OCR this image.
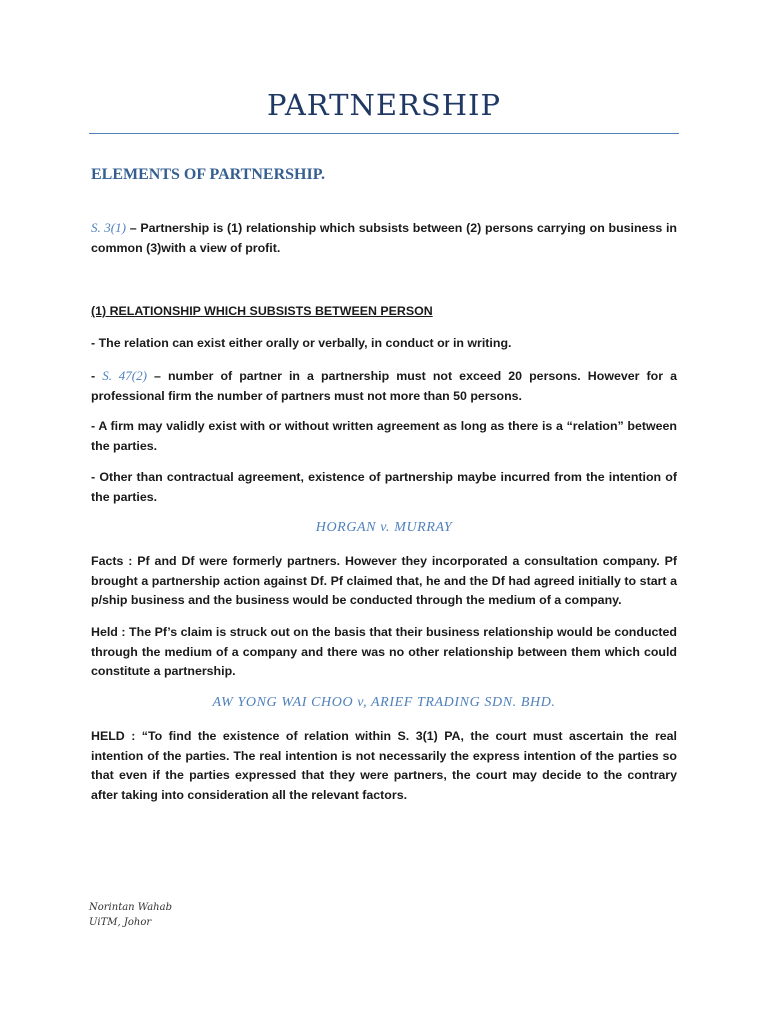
PARTNERSHIP
ELEMENTS OF PARTNERSHIP.
S. 3(1) – Partnership is (1) relationship which subsists between (2) persons carrying on business in common (3)with a view of profit.
(1) RELATIONSHIP WHICH SUBSISTS BETWEEN PERSON
- The relation can exist either orally or verbally, in conduct or in writing.
- S. 47(2) – number of partner in a partnership must not exceed 20 persons. However for a professional firm the number of partners must not more than 50 persons.
- A firm may validly exist with or without written agreement as long as there is a “relation” between the parties.
- Other than contractual agreement, existence of partnership maybe incurred from the intention of the parties.
HORGAN v. MURRAY
Facts : Pf and Df were formerly partners. However they incorporated a consultation company. Pf brought a partnership action against Df. Pf claimed that, he and the Df had agreed initially to start a p/ship business and the business would be conducted through the medium of a company.
Held : The Pf’s claim is struck out on the basis that their business relationship would be conducted through the medium of a company and there was no other relationship between them which could constitute a partnership.
AW YONG WAI CHOO v, ARIEF TRADING SDN. BHD.
HELD : “To find the existence of relation within S. 3(1) PA, the court must ascertain the real intention of the parties. The real intention is not necessarily the express intention of the parties so that even if the parties expressed that they were partners, the court may decide to the contrary after taking into consideration all the relevant factors.
Norintan Wahab
UiTM, Johor
